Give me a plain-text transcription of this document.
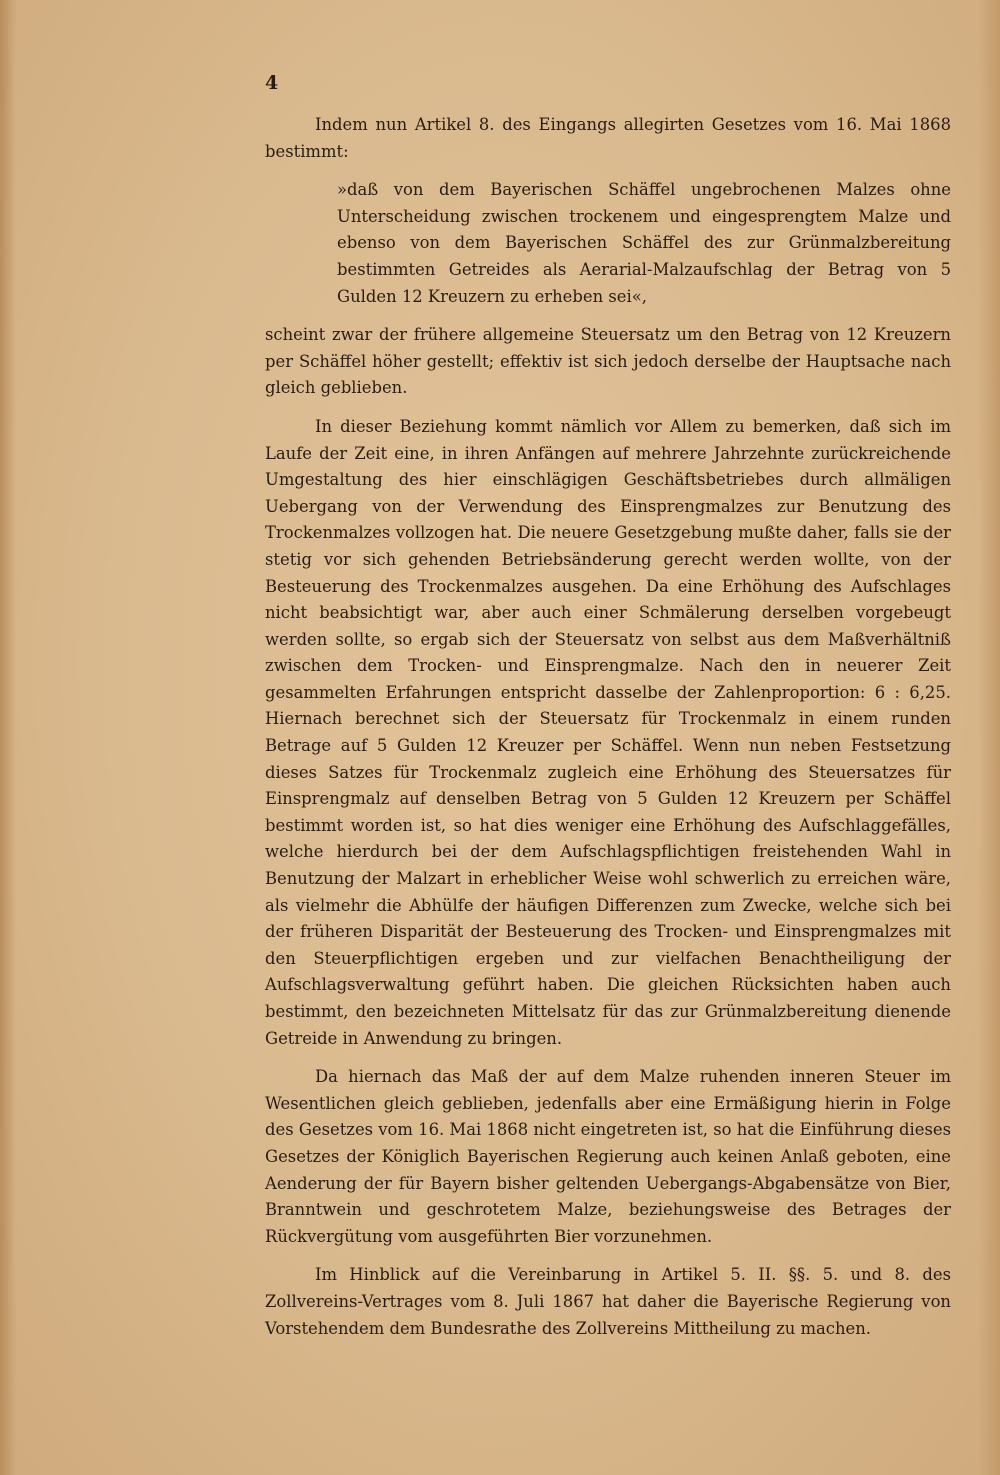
4

Indem nun Artikel 8. des Eingangs allegirten Gesetzes vom 16. Mai 1868 bestimmt:

»daß von dem Bayerischen Schäffel ungebrochenen Malzes ohne Unterscheidung zwischen trockenem und eingesprengtem Malze und ebenso von dem Bayerischen Schäffel des zur Grünmalzbereitung bestimmten Getreides als Aerarial-Malzaufschlag der Betrag von 5 Gulden 12 Kreuzern zu erheben sei«,

scheint zwar der frühere allgemeine Steuersatz um den Betrag von 12 Kreuzern per Schäffel höher gestellt; effektiv ist sich jedoch derselbe der Hauptsache nach gleich geblieben.

In dieser Beziehung kommt nämlich vor Allem zu bemerken, daß sich im Laufe der Zeit eine, in ihren Anfängen auf mehrere Jahrzehnte zurückreichende Umgestaltung des hier einschlägigen Geschäftsbetriebes durch allmäligen Uebergang von der Verwendung des Einsprengmalzes zur Benutzung des Trockenmalzes vollzogen hat. Die neuere Gesetzgebung mußte daher, falls sie der stetig vor sich gehenden Betriebsänderung gerecht werden wollte, von der Besteuerung des Trockenmalzes ausgehen. Da eine Erhöhung des Aufschlages nicht beabsichtigt war, aber auch einer Schmälerung derselben vorgebeugt werden sollte, so ergab sich der Steuersatz von selbst aus dem Maßverhältniß zwischen dem Trocken- und Einsprengmalze. Nach den in neuerer Zeit gesammelten Erfahrungen entspricht dasselbe der Zahlenproportion: 6 : 6,25. Hiernach berechnet sich der Steuersatz für Trockenmalz in einem runden Betrage auf 5 Gulden 12 Kreuzer per Schäffel. Wenn nun neben Festsetzung dieses Satzes für Trockenmalz zugleich eine Erhöhung des Steuersatzes für Einsprengmalz auf denselben Betrag von 5 Gulden 12 Kreuzern per Schäffel bestimmt worden ist, so hat dies weniger eine Erhöhung des Aufschlaggefälles, welche hierdurch bei der dem Aufschlagspflichtigen freistehenden Wahl in Benutzung der Malzart in erheblicher Weise wohl schwerlich zu erreichen wäre, als vielmehr die Abhülfe der häufigen Differenzen zum Zwecke, welche sich bei der früheren Disparität der Besteuerung des Trocken- und Einsprengmalzes mit den Steuerpflichtigen ergeben und zur vielfachen Benachtheiligung der Aufschlagsverwaltung geführt haben. Die gleichen Rücksichten haben auch bestimmt, den bezeichneten Mittelsatz für das zur Grünmalzbereitung dienende Getreide in Anwendung zu bringen.

Da hiernach das Maß der auf dem Malze ruhenden inneren Steuer im Wesentlichen gleich geblieben, jedenfalls aber eine Ermäßigung hierin in Folge des Gesetzes vom 16. Mai 1868 nicht eingetreten ist, so hat die Einführung dieses Gesetzes der Königlich Bayerischen Regierung auch keinen Anlaß geboten, eine Aenderung der für Bayern bisher geltenden Uebergangs-Abgabensätze von Bier, Branntwein und geschrotetem Malze, beziehungsweise des Betrages der Rückvergütung vom ausgeführten Bier vorzunehmen.

Im Hinblick auf die Vereinbarung in Artikel 5. II. §§. 5. und 8. des Zollvereins-Vertrages vom 8. Juli 1867 hat daher die Bayerische Regierung von Vorstehendem dem Bundesrathe des Zollvereins Mittheilung zu machen.
